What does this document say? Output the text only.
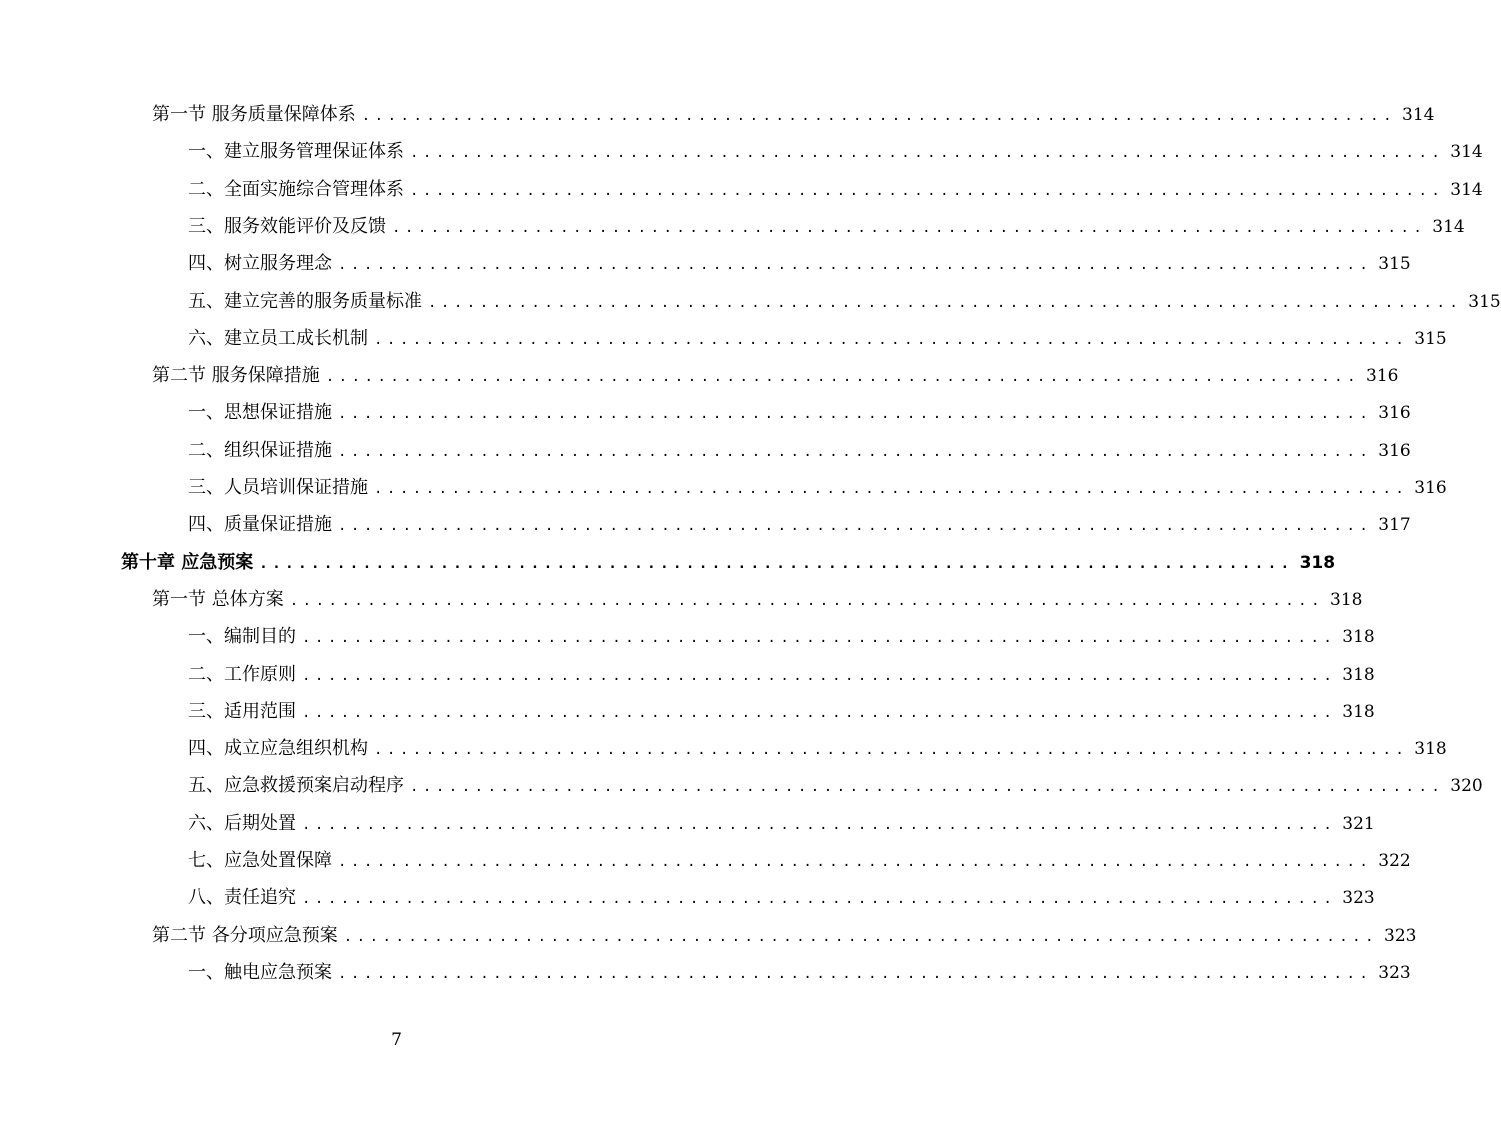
第一节 服务质量保障体系 ................................................................................ 314
一、建立服务管理保证体系 ................................................................................ 314
二、全面实施综合管理体系 ................................................................................ 314
三、服务效能评价及反馈 ................................................................................ 314
四、树立服务理念 ................................................................................ 315
五、建立完善的服务质量标准 ................................................................................ 315
六、建立员工成长机制 ................................................................................ 315
第二节 服务保障措施 ................................................................................ 316
一、思想保证措施 ................................................................................ 316
二、组织保证措施 ................................................................................ 316
三、人员培训保证措施 ................................................................................ 316
四、质量保证措施 ................................................................................ 317
第十章 应急预案 ................................................................................ 318
第一节 总体方案 ................................................................................ 318
一、编制目的 ................................................................................ 318
二、工作原则 ................................................................................ 318
三、适用范围 ................................................................................ 318
四、成立应急组织机构 ................................................................................ 318
五、应急救援预案启动程序 ................................................................................ 320
六、后期处置 ................................................................................ 321
七、应急处置保障 ................................................................................ 322
八、责任追究 ................................................................................ 323
第二节 各分项应急预案 ................................................................................ 323
一、触电应急预案 ................................................................................ 323
7
